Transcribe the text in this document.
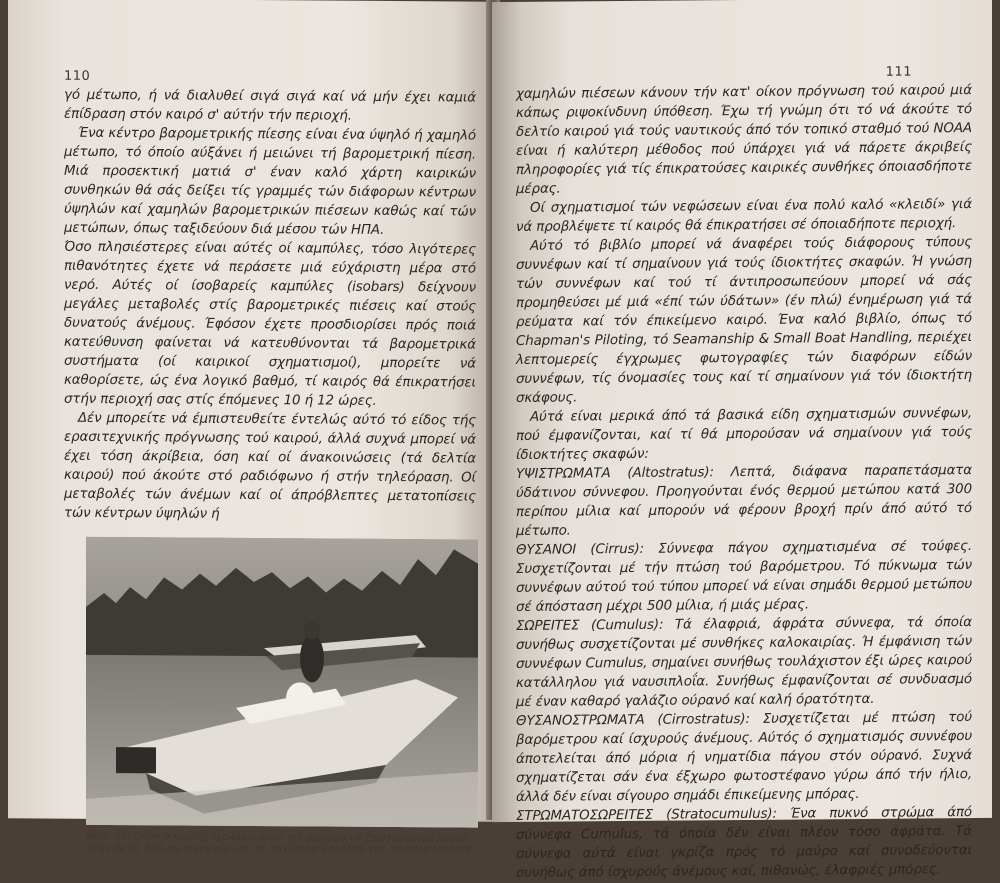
110

γό μέτωπο, ή νά διαλυθεί σιγά σιγά καί νά μήν έχει καμιά έπίδραση στόν καιρό σ' αύτήν τήν περιοχή.

Ένα κέντρο βαρομετρικής πίεσης είναι ένα ύψηλό ή χαμηλό μέτωπο, τό όποίο αύξάνει ή μειώνει τή βαρομετρική πίεση. Μιά προσεκτική ματιά σ' έναν καλό χάρτη καιρικών συνθηκών θά σάς δείξει τίς γραμμές τών διάφορων κέντρων ύψηλών καί χαμηλών βαρομετρικών πιέσεων καθώς καί τών μετώπων, όπως ταξιδεύουν διά μέσου τών ΗΠΑ.

Όσο πλησιέστερες είναι αύτές οί καμπύλες, τόσο λιγότερες πιθανότητες έχετε νά περάσετε μιά εύχάριστη μέρα στό νερό. Αύτές οί ίσοβαρείς καμπύλες (isobars) δείχνουν μεγάλες μεταβολές στίς βαρομετρικές πιέσεις καί στούς δυνατούς άνέμους. Έφόσον έχετε προσδιορίσει πρός ποιά κατεύθυνση φαίνεται νά κατευθύνονται τά βαρομετρικά συστήματα (οί καιρικοί σχηματισμοί), μπορείτε νά καθορίσετε, ώς ένα λογικό βαθμό, τί καιρός θά έπικρατήσει στήν περιοχή σας στίς έπόμενες 10 ή 12 ώρες.

Δέν μπορείτε νά έμπιστευθείτε έντελώς αύτό τό είδος τής ερασιτεχνικής πρόγνωσης τού καιρού, άλλά συχνά μπορεί νά έχει τόση άκρίβεια, όση καί οί άνακοινώσεις (τά δελτία καιρού) πού άκούτε στό ραδιόφωνο ή στήν τηλεόραση. Οί μεταβολές τών άνέμων καί οί άπρόβλεπτες μετατοπίσεις τών κέντρων ύψηλών ή

Φωτ. 52: Όταν ό καιρός «χαλάει» είναι πιό φρόνιμο νά έπιστρέψουμε κοντά στήν άκτή. Στή φωτογραφία μας τό ταχύπλοο SALAMIS τής MARINA-MARINE.
111

χαμηλών πιέσεων κάνουν τήν κατ' οίκον πρόγνωση τού καιρού μιά κάπως ριψοκίνδυνη ύπόθεση. Έχω τή γνώμη ότι τό νά άκούτε τό δελτίο καιρού γιά τούς ναυτικούς άπό τόν τοπικό σταθμό τού NOAA είναι ή καλύτερη μέθοδος πού ύπάρχει γιά νά πάρετε άκριβείς πληροφορίες γιά τίς έπικρατούσες καιρικές συνθήκες όποιασδήποτε μέρας.

Οί σχηματισμοί τών νεφώσεων είναι ένα πολύ καλό «κλειδί» γιά νά προβλέψετε τί καιρός θά έπικρατήσει σέ όποιαδήποτε περιοχή.

Αύτό τό βιβλίο μπορεί νά άναφέρει τούς διάφορους τύπους συννέφων καί τί σημαίνουν γιά τούς ίδιοκτήτες σκαφών. Ή γνώση τών συννέφων καί τού τί άντιπροσωπεύουν μπορεί νά σάς προμηθεύσει μέ μιά «έπί τών ύδάτων» (έν πλώ) ένημέρωση γιά τά ρεύματα καί τόν έπικείμενο καιρό. Ένα καλό βιβλίο, όπως τό Chapman's Piloting, τό Seamanship & Small Boat Handling, περιέχει λεπτομερείς έγχρωμες φωτογραφίες τών διαφόρων είδών συννέφων, τίς όνομασίες τους καί τί σημαίνουν γιά τόν ίδιοκτήτη σκάφους.

Αύτά είναι μερικά άπό τά βασικά είδη σχηματισμών συννέφων, πού έμφανίζονται, καί τί θά μπορούσαν νά σημαίνουν γιά τούς ίδιοκτήτες σκαφών:

ΥΨΙΣΤΡΩΜΑΤΑ (Altostratus): Λεπτά, διάφανα παραπετάσματα ύδάτινου σύννεφου. Προηγούνται ένός θερμού μετώπου κατά 300 περίπου μίλια καί μπορούν νά φέρουν βροχή πρίν άπό αύτό τό μέτωπο.

ΘΥΣΑΝΟΙ (Cirrus): Σύννεφα πάγου σχηματισμένα σέ τούφες. Συσχετίζονται μέ τήν πτώση τού βαρόμετρου. Τό πύκνωμα τών συννέφων αύτού τού τύπου μπορεί νά είναι σημάδι θερμού μετώπου σέ άπόσταση μέχρι 500 μίλια, ή μιάς μέρας.

ΣΩΡΕΙΤΕΣ (Cumulus): Τά έλαφριά, άφράτα σύννεφα, τά όποία συνήθως συσχετίζονται μέ συνθήκες καλοκαιρίας. Ή έμφάνιση τών συννέφων Cumulus, σημαίνει συνήθως τουλάχιστον έξι ώρες καιρού κατάλληλου γιά ναυσιπλοΐα. Συνήθως έμφανίζονται σέ συνδυασμό μέ έναν καθαρό γαλάζιο ούρανό καί καλή όρατότητα.

ΘΥΣΑΝΟΣΤΡΩΜΑΤΑ (Cirrostratus): Συσχετίζεται μέ πτώση τού βαρόμετρου καί ίσχυρούς άνέμους. Αύτός ό σχηματισμός συννέφου άποτελείται άπό μόρια ή νηματίδια πάγου στόν ούρανό. Συχνά σχηματίζεται σάν ένα έξχωρο φωτοστέφανο γύρω άπό τήν ήλιο, άλλά δέν είναι σίγουρο σημάδι έπικείμενης μπόρας.

ΣΤΡΩΜΑΤΟΣΩΡΕΙΤΕΣ (Stratocumulus): Ένα πυκνό στρώμα άπό σύννεφα Cumulus, τά όποία δέν είναι πλέον τόσο άφράτα. Τά σύννεφα αύτά είναι γκρίζα πρός τό μαύρο καί συνοδεύονται συνήθως άπό ίσχυρούς άνέμους καί, πιθανώς, έλαφριές μπόρες.
